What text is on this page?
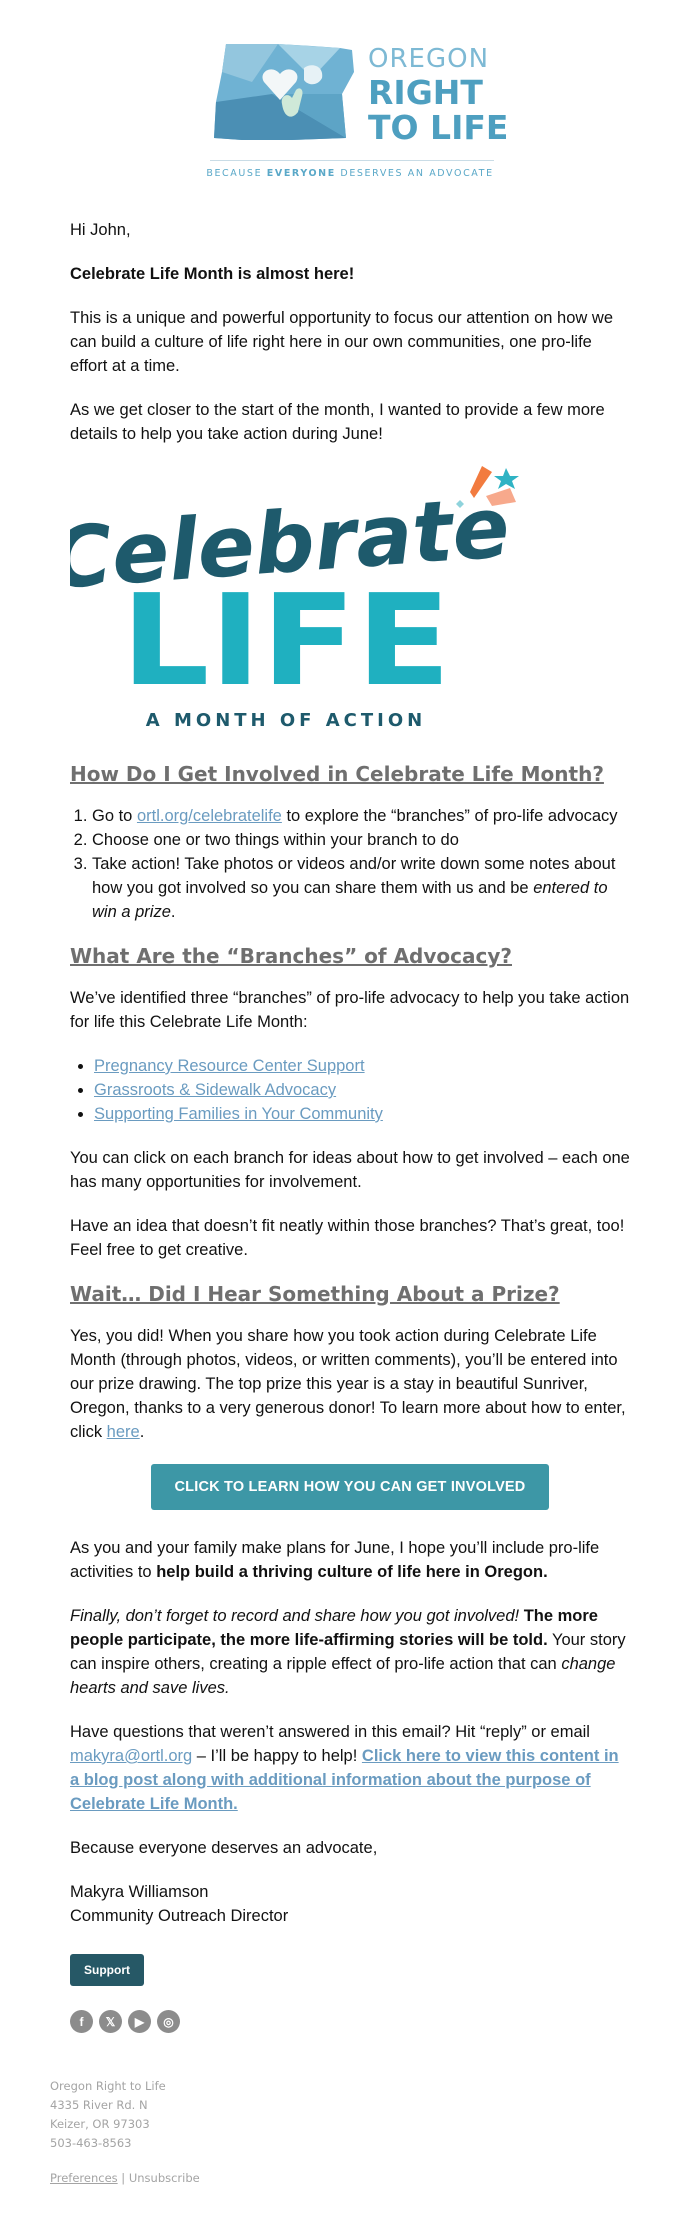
OREGON
RIGHT
TO LIFE
BECAUSE EVERYONE DESERVES AN ADVOCATE

Hi John,

Celebrate Life Month is almost here!

This is a unique and powerful opportunity to focus our attention on how we can build a culture of life right here in our own communities, one pro-life effort at a time.

As we get closer to the start of the month, I wanted to provide a few more details to help you take action during June!

Celebrate
LIFE
A MONTH OF ACTION
How Do I Get Involved in Celebrate Life Month?
1. Go to ortl.org/celebratelife to explore the “branches” of pro-life advocacy
2. Choose one or two things within your branch to do
3. Take action! Take photos or videos and/or write down some notes about how you got involved so you can share them with us and be entered to win a prize.
What Are the “Branches” of Advocacy?

We’ve identified three “branches” of pro-life advocacy to help you take action for life this Celebrate Life Month:

• Pregnancy Resource Center Support
• Grassroots & Sidewalk Advocacy
• Supporting Families in Your Community

You can click on each branch for ideas about how to get involved – each one has many opportunities for involvement.

Have an idea that doesn’t fit neatly within those branches? That’s great, too! Feel free to get creative.

Wait… Did I Hear Something About a Prize?

Yes, you did! When you share how you took action during Celebrate Life Month (through photos, videos, or written comments), you’ll be entered into our prize drawing. The top prize this year is a stay in beautiful Sunriver, Oregon, thanks to a very generous donor! To learn more about how to enter, click here.

CLICK TO LEARN HOW YOU CAN GET INVOLVED

As you and your family make plans for June, I hope you’ll include pro-life activities to help build a thriving culture of life here in Oregon.

Finally, don’t forget to record and share how you got involved! The more people participate, the more life-affirming stories will be told. Your story can inspire others, creating a ripple effect of pro-life action that can change hearts and save lives.

Have questions that weren’t answered in this email? Hit “reply” or email makyra@ortl.org – I’ll be happy to help! Click here to view this content in a blog post along with additional information about the purpose of Celebrate Life Month.

Because everyone deserves an advocate,

Makyra Williamson

Community Outreach Director

Support
f	𝕏	▶	◎
Oregon Right to Life
4335 River Rd. N
Keizer, OR 97303
503-463-8563
Preferences | Unsubscribe
